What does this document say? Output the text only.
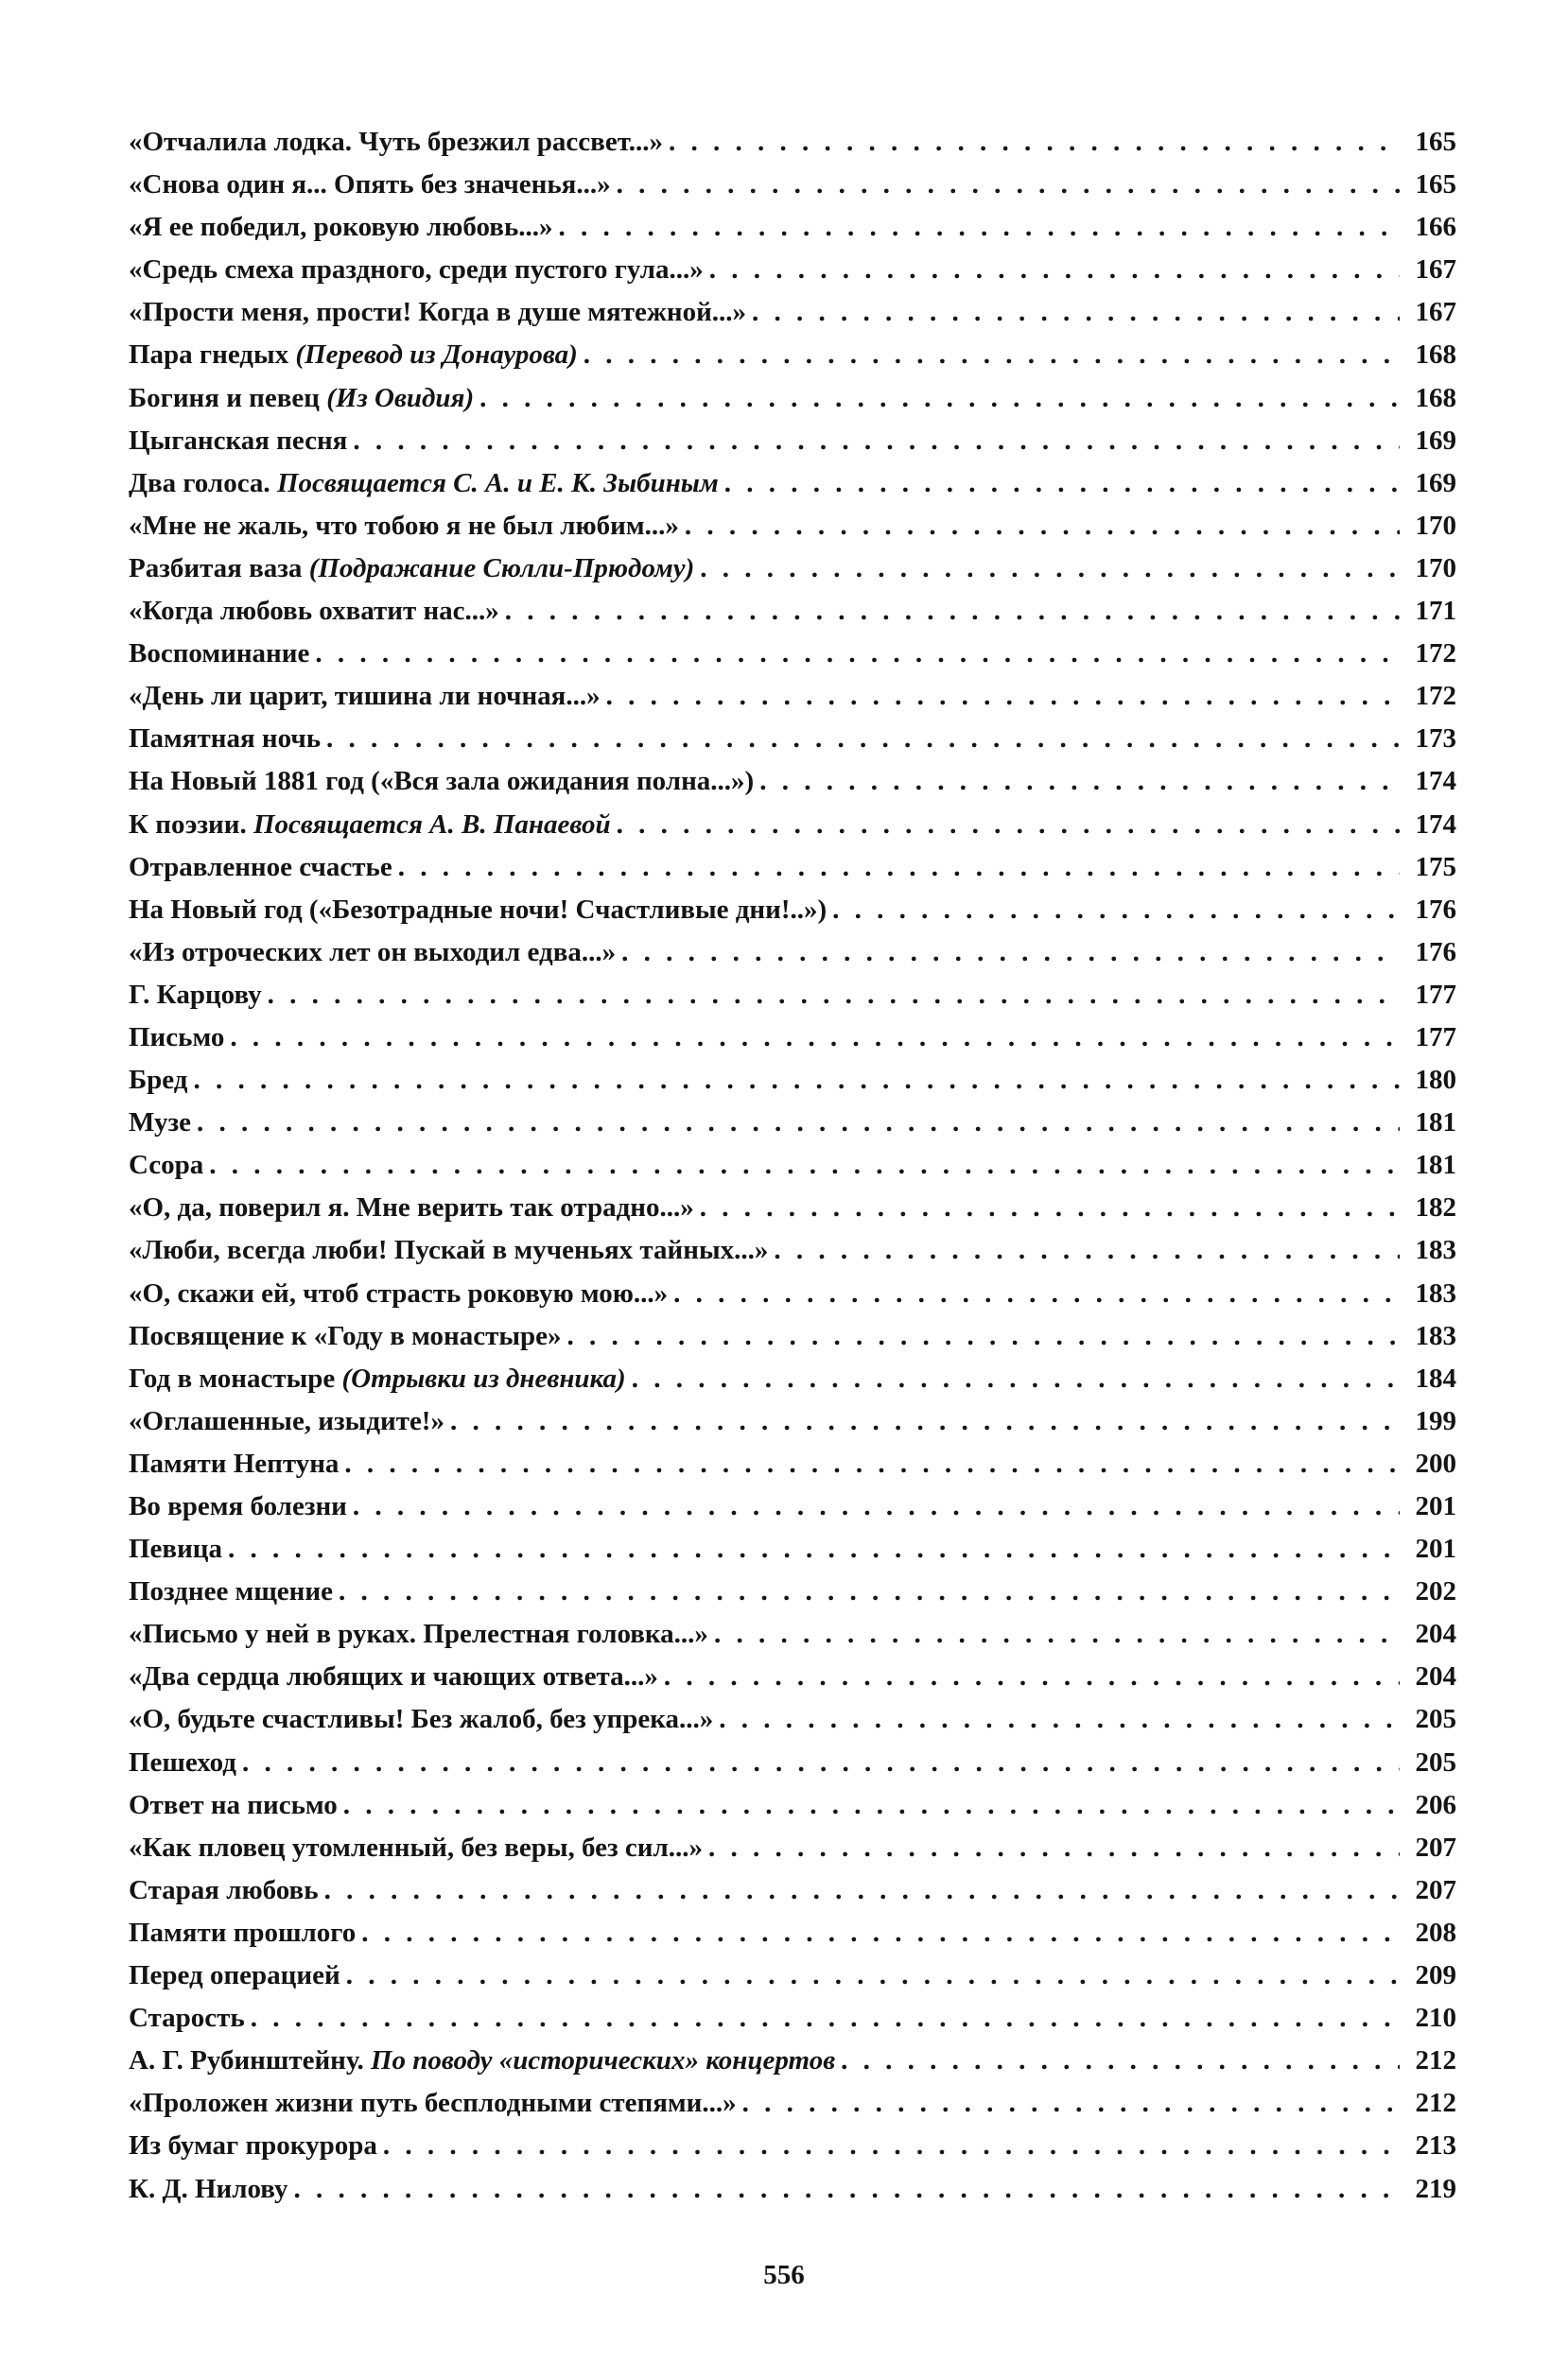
«Отчалила лодка. Чуть брезжил рассвет...» . . .	165
«Снова один я... Опять без значенья...» . . .	165
«Я ее победил, роковую любовь...» . . .	166
«Средь смеха праздного, среди пустого гула...» . . .	167
«Прости меня, прости! Когда в душе мятежной...» . . .	167
Пара гнедых (Перевод из Донаурова) . . .	168
Богиня и певец (Из Овидия) . . .	168
Цыганская песня . . .	169
Два голоса. Посвящается С. А. и Е. К. Зыбиным . . .	169
«Мне не жаль, что тобою я не был любим...» . . .	170
Разбитая ваза (Подражание Сюлли-Прюдому) . . .	170
«Когда любовь охватит нас...» . . .	171
Воспоминание . . .	172
«День ли царит, тишина ли ночная...» . . .	172
Памятная ночь . . .	173
На Новый 1881 год («Вся зала ожидания полна...») . . .	174
К поэзии. Посвящается А. В. Панаевой . . .	174
Отравленное счастье . . .	175
На Новый год («Безотрадные ночи! Счастливые дни!..») . . .	176
«Из отроческих лет он выходил едва...» . . .	176
Г. Карцову . . .	177
Письмо . . .	177
Бред . . .	180
Музе . . .	181
Ссора . . .	181
«О, да, поверил я. Мне верить так отрадно...» . . .	182
«Люби, всегда люби! Пускай в мученьях тайных...» . . .	183
«О, скажи ей, чтоб страсть роковую мою...» . . .	183
Посвящение к «Году в монастыре» . . .	183
Год в монастыре (Отрывки из дневника) . . .	184
«Оглашенные, изыдите!» . . .	199
Памяти Нептуна . . .	200
Во время болезни . . .	201
Певица . . .	201
Позднее мщение . . .	202
«Письмо у ней в руках. Прелестная головка...» . . .	204
«Два сердца любящих и чающих ответа...» . . .	204
«О, будьте счастливы! Без жалоб, без упрека...» . . .	205
Пешеход . . .	205
Ответ на письмо . . .	206
«Как пловец утомленный, без веры, без сил...» . . .	207
Старая любовь . . .	207
Памяти прошлого . . .	208
Перед операцией . . .	209
Старость . . .	210
А. Г. Рубинштейну. По поводу «исторических» концертов . . .	212
«Проложен жизни путь бесплодными степями...» . . .	212
Из бумаг прокурора . . .	213
К. Д. Нилову . . .	219
556
